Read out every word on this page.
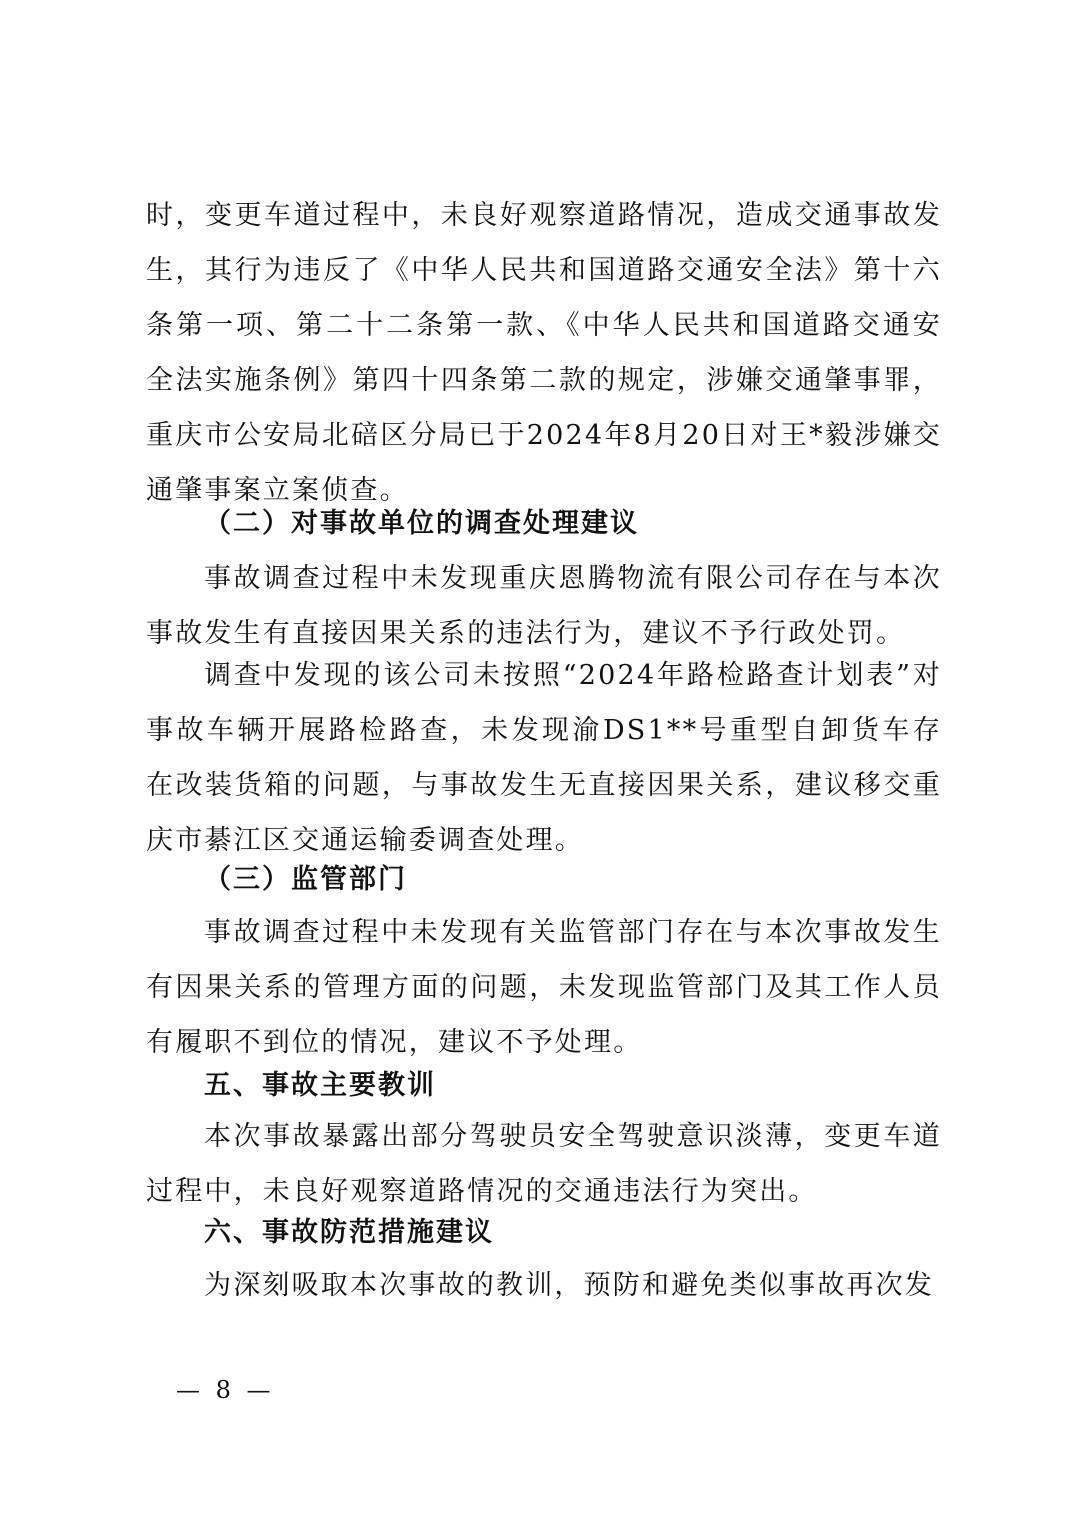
时，变更车道过程中，未良好观察道路情况，造成交通事故发生，其行为违反了《中华人民共和国道路交通安全法》第十六条第一项、第二十二条第一款、《中华人民共和国道路交通安全法实施条例》第四十四条第二款的规定，涉嫌交通肇事罪，重庆市公安局北碚区分局已于2024年8月20日对王*毅涉嫌交通肇事案立案侦查。

（二）对事故单位的调查处理建议

事故调查过程中未发现重庆恩腾物流有限公司存在与本次事故发生有直接因果关系的违法行为，建议不予行政处罚。

调查中发现的该公司未按照“2024年路检路查计划表”对事故车辆开展路检路查，未发现渝DS1**号重型自卸货车存在改装货箱的问题，与事故发生无直接因果关系，建议移交重庆市綦江区交通运输委调查处理。

（三）监管部门

事故调查过程中未发现有关监管部门存在与本次事故发生有因果关系的管理方面的问题，未发现监管部门及其工作人员有履职不到位的情况，建议不予处理。

五、事故主要教训

本次事故暴露出部分驾驶员安全驾驶意识淡薄，变更车道过程中，未良好观察道路情况的交通违法行为突出。

六、事故防范措施建议

为深刻吸取本次事故的教训，预防和避免类似事故再次发

— 8 —
